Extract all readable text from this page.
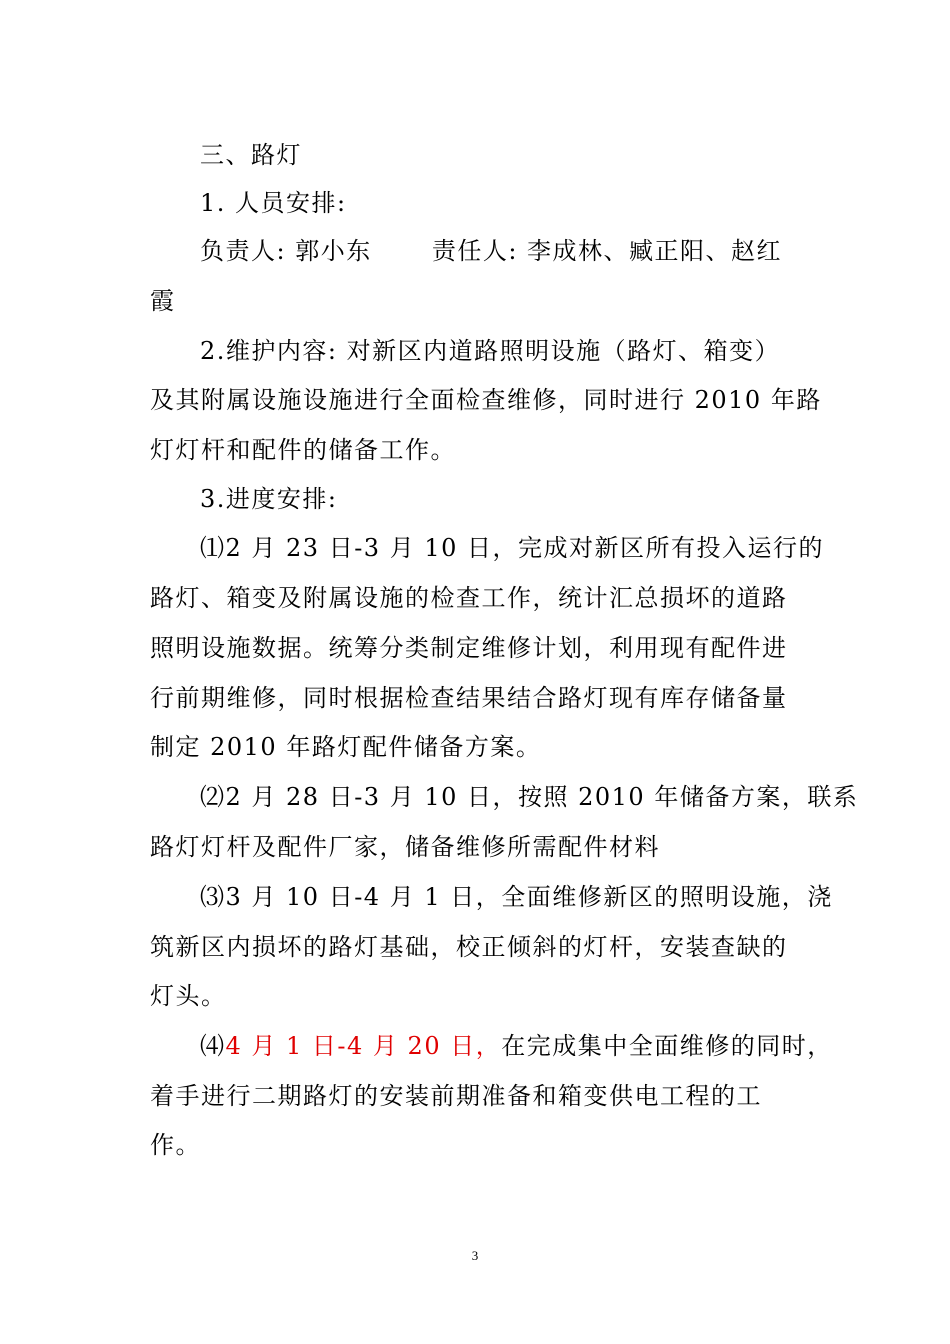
三、路灯
1. 人员安排:
负责人: 郭小东　　 责任人: 李成林、臧正阳、赵红
霞
2.维护内容: 对新区内道路照明设施（路灯、箱变）
及其附属设施设施进行全面检查维修，同时进行 2010 年路
灯灯杆和配件的储备工作。
3.进度安排:
⑴2 月 23 日-3 月 10 日，完成对新区所有投入运行的
路灯、箱变及附属设施的检查工作，统计汇总损坏的道路
照明设施数据。统筹分类制定维修计划，利用现有配件进
行前期维修，同时根据检查结果结合路灯现有库存储备量
制定 2010 年路灯配件储备方案。
⑵2 月 28 日-3 月 10 日，按照 2010 年储备方案，联系
路灯灯杆及配件厂家，储备维修所需配件材料
⑶3 月 10 日-4 月 1 日，全面维修新区的照明设施，浇
筑新区内损坏的路灯基础，校正倾斜的灯杆，安装查缺的
灯头。
⑷4 月 1 日-4 月 20 日，在完成集中全面维修的同时，
着手进行二期路灯的安装前期准备和箱变供电工程的工
作。
3
